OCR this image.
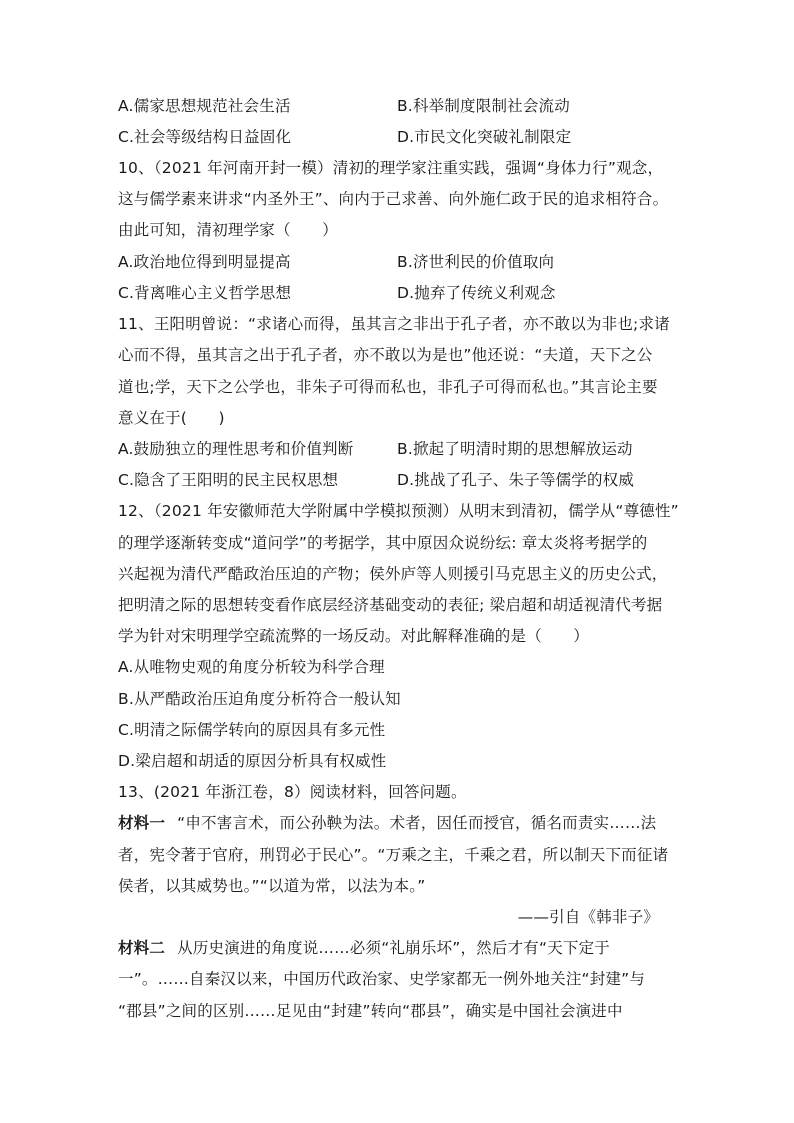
A.儒家思想规范社会生活	B.科举制度限制社会流动
C.社会等级结构日益固化	D.市民文化突破礼制限定
10、（2021 年河南开封一模）清初的理学家注重实践，强调“身体力行”观念，
这与儒学素来讲求“内圣外王”、向内于己求善、向外施仁政于民的追求相符合。
由此可知，清初理学家（　　）
A.政治地位得到明显提高	B.济世利民的价值取向
C.背离唯心主义哲学思想	D.抛弃了传统义利观念
11、王阳明曾说：“求诸心而得，虽其言之非出于孔子者，亦不敢以为非也;求诸
心而不得，虽其言之出于孔子者，亦不敢以为是也”他还说：“夫道，天下之公
道也;学，天下之公学也，非朱子可得而私也，非孔子可得而私也。”其言论主要
意义在于(　　)
A.鼓励独立的理性思考和价值判断	B.掀起了明清时期的思想解放运动
C.隐含了王阳明的民主民权思想	D.挑战了孔子、朱子等儒学的权威
12、（2021 年安徽师范大学附属中学模拟预测）从明末到清初，儒学从“尊德性”
的理学逐渐转变成“道问学”的考据学，其中原因众说纷纭: 章太炎将考据学的
兴起视为清代严酷政治压迫的产物；侯外庐等人则援引马克思主义的历史公式，
把明清之际的思想转变看作底层经济基础变动的表征; 梁启超和胡适视清代考据
学为针对宋明理学空疏流弊的一场反动。对此解释准确的是（　　）
A.从唯物史观的角度分析较为科学合理
B.从严酷政治压迫角度分析符合一般认知
C.明清之际儒学转向的原因具有多元性
D.梁启超和胡适的原因分析具有权威性
13、(2021 年浙江卷，8）阅读材料，回答问题。
材料一 “申不害言术，而公孙鞅为法。术者，因任而授官，循名而责实……法
者，宪令著于官府，刑罚必于民心”。“万乘之主，千乘之君，所以制天下而征诸
侯者，以其威势也。”“以道为常，以法为本。”
——引自《韩非子》
材料二 从历史演进的角度说……必须“礼崩乐坏”，然后才有“天下定于
一”。……自秦汉以来，中国历代政治家、史学家都无一例外地关注“封建”与
“郡县”之间的区别……足见由“封建”转向“郡县”，确实是中国社会演进中
